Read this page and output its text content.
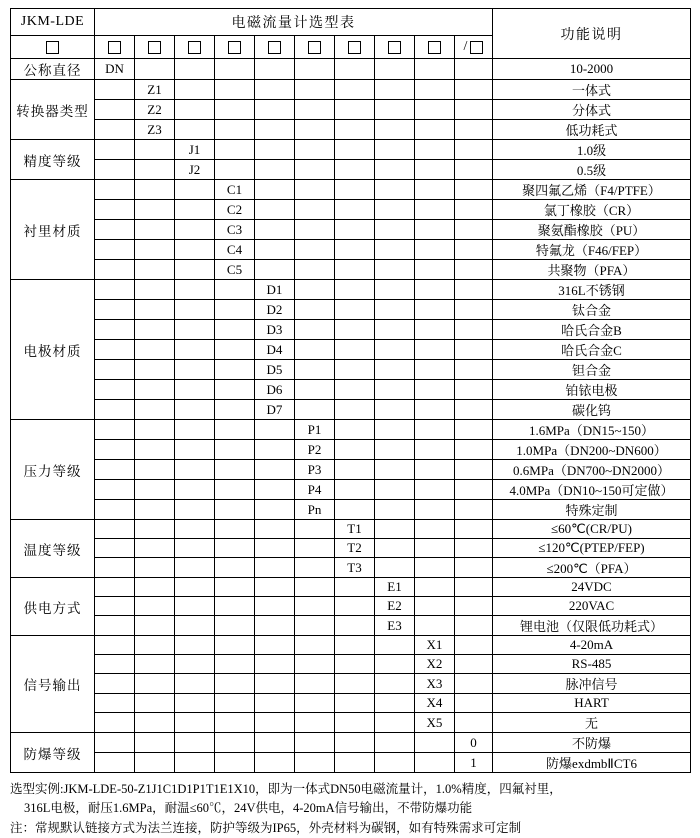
JKM-LDE	电磁流量计选型表										功能说明

										/	

公称直径	DN										10-2000
转换器类型		Z1									一体式
		Z2									分体式
		Z3									低功耗式
精度等级			J1								1.0级
			J2								0.5级
衬里材质				C1							聚四氟乙烯（F4/PTFE）
				C2							氯丁橡胶（CR）
				C3							聚氨酯橡胶（PU）
				C4							特氟龙（F46/FEP）
				C5							共聚物（PFA）
电极材质					D1						316L不锈钢
					D2						钛合金
					D3						哈氏合金B
					D4						哈氏合金C
					D5						钽合金
					D6						铂铱电极
					D7						碳化钨
压力等级						P1					1.6MPa（DN15~150）
						P2					1.0MPa（DN200~DN600）
						P3					0.6MPa（DN700~DN2000）
						P4					4.0MPa（DN10~150可定做）
						Pn					特殊定制
温度等级							T1				≤60℃(CR/PU)
							T2				≤120℃(PTEP/FEP)
							T3				≤200℃（PFA）
供电方式								E1			24VDC
								E2			220VAC
								E3			锂电池（仅限低功耗式）
信号输出									X1		4-20mA
									X2		RS-485
									X3		脉冲信号
									X4		HART
									X5		无
防爆等级										0	不防爆
										1	防爆exdmbⅡCT6
选型实例:JKM-LDE-50-Z1J1C1D1P1T1E1X10，即为一体式DN50电磁流量计，1.0%精度，四氟衬里，
316L电极，耐压1.6MPa，耐温≤60℃，24V供电，4-20mA信号输出，不带防爆功能
注：常规默认链接方式为法兰连接，防护等级为IP65，外壳材料为碳钢，如有特殊需求可定制
